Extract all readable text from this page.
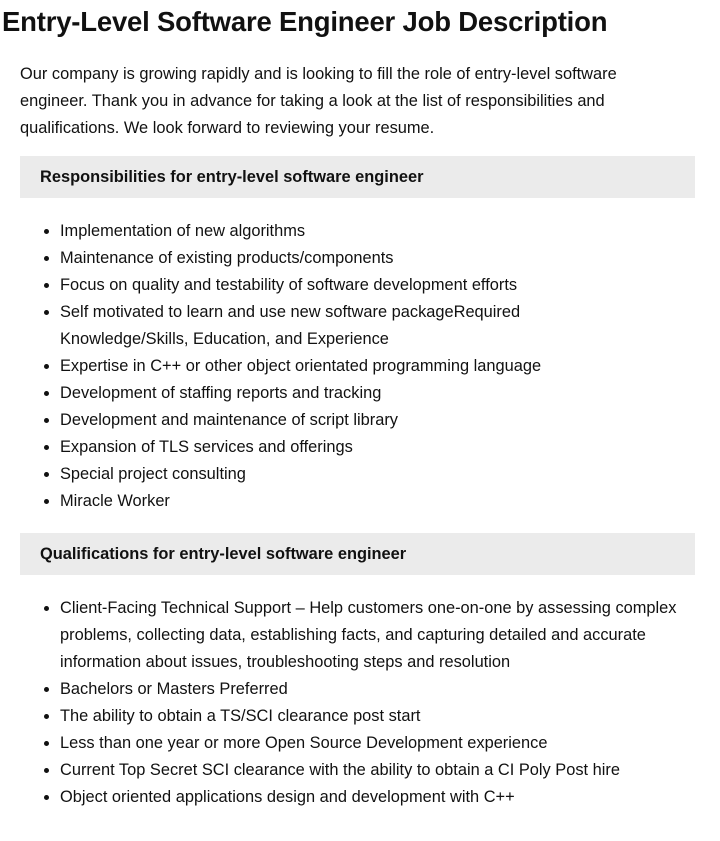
Entry-Level Software Engineer Job Description

Our company is growing rapidly and is looking to fill the role of entry-level software engineer. Thank you in advance for taking a look at the list of responsibilities and qualifications. We look forward to reviewing your resume.

Responsibilities for entry-level software engineer
• Implementation of new algorithms
• Maintenance of existing products/components
• Focus on quality and testability of software development efforts
• Self motivated to learn and use new software packageRequired Knowledge/Skills, Education, and Experience
• Expertise in C++ or other object orientated programming language
• Development of staffing reports and tracking
• Development and maintenance of script library
• Expansion of TLS services and offerings
• Special project consulting
• Miracle Worker
Qualifications for entry-level software engineer
• Client-Facing Technical Support – Help customers one-on-one by assessing complex problems, collecting data, establishing facts, and capturing detailed and accurate information about issues, troubleshooting steps and resolution
• Bachelors or Masters Preferred
• The ability to obtain a TS/SCI clearance post start
• Less than one year or more Open Source Development experience
• Current Top Secret SCI clearance with the ability to obtain a CI Poly Post hire
• Object oriented applications design and development with C++
